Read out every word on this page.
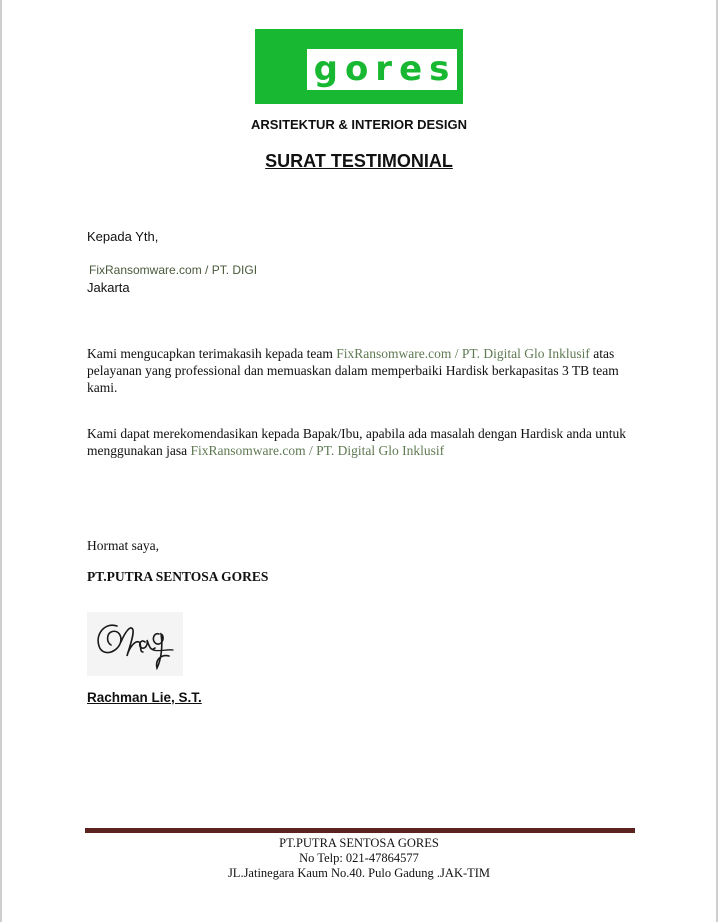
gores
ARSITEKTUR & INTERIOR DESIGN
SURAT TESTIMONIAL
Kepada Yth,
FixRansomware.com / PT. DIGI
Jakarta
Kami mengucapkan terimakasih kepada team FixRansomware.com / PT. Digital Glo Inklusif atas pelayanan yang professional dan memuaskan dalam memperbaiki Hardisk berkapasitas 3 TB team kami.
Kami dapat merekomendasikan kepada Bapak/Ibu, apabila ada masalah dengan Hardisk anda untuk menggunakan jasa FixRansomware.com / PT. Digital Glo Inklusif
Hormat saya,
PT.PUTRA SENTOSA GORES
Rachman Lie, S.T.
PT.PUTRA SENTOSA GORES
No Telp: 021-47864577
JL.Jatinegara Kaum No.40. Pulo Gadung .JAK-TIM
